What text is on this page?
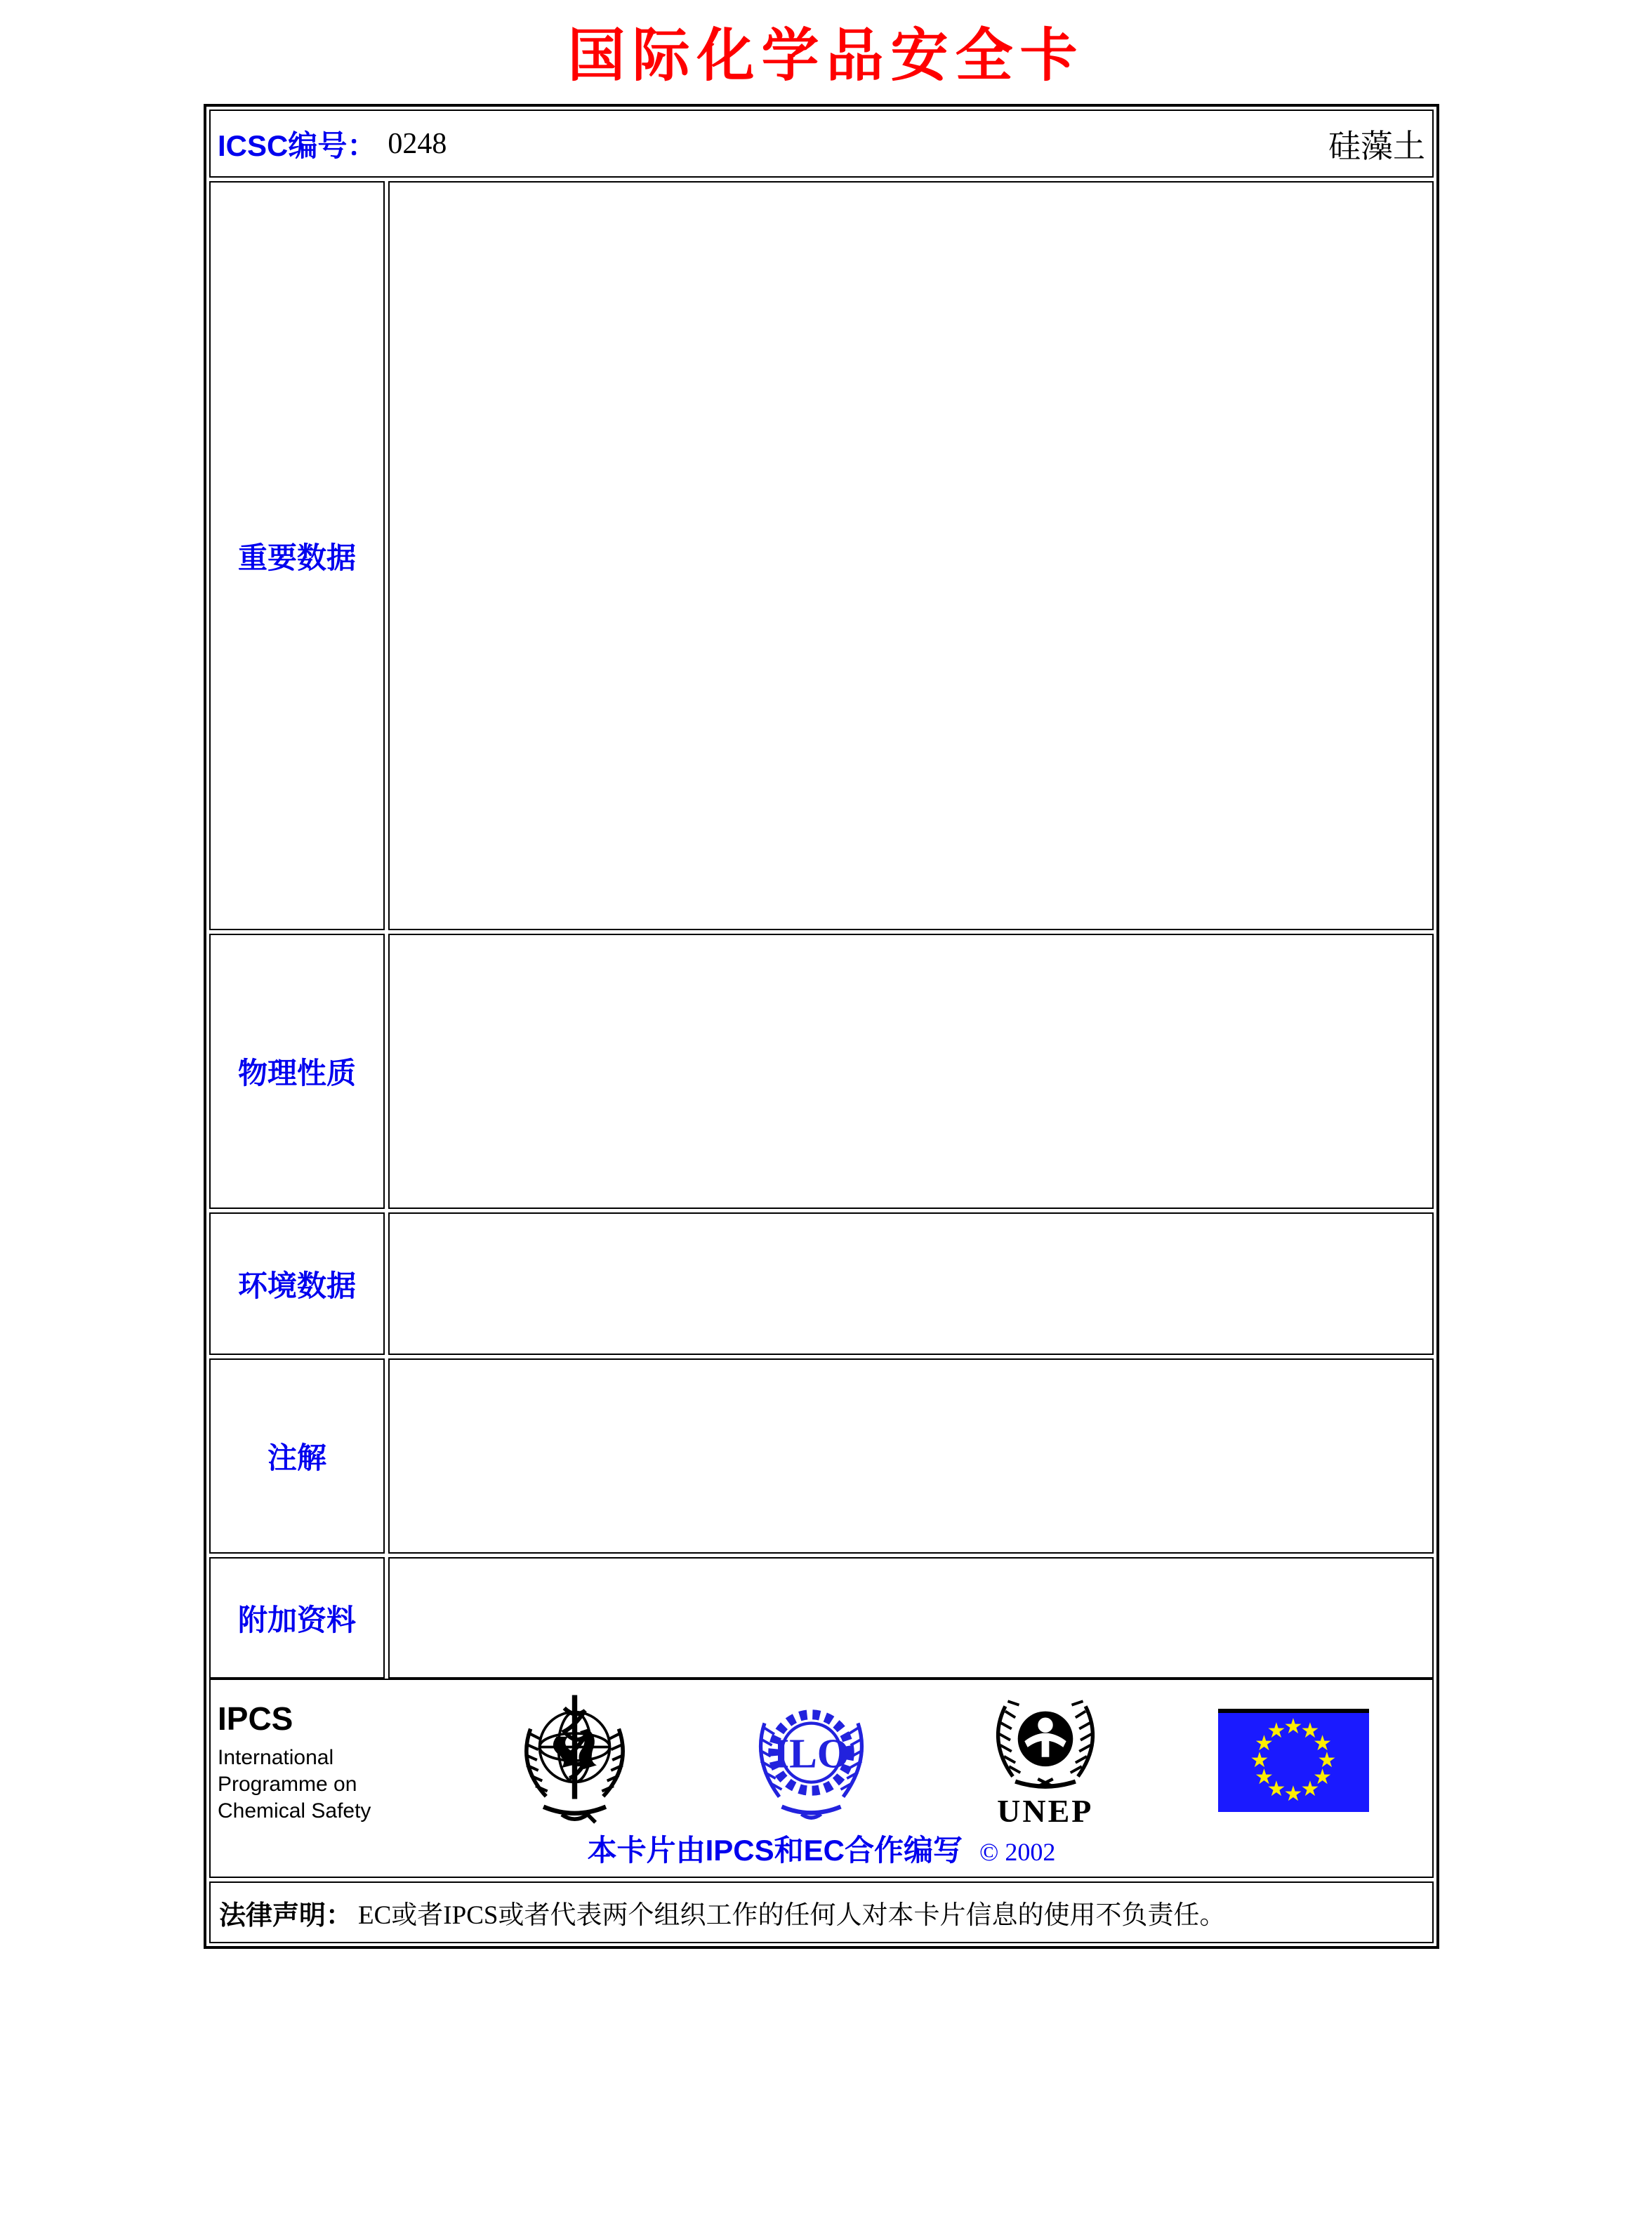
国际化学品安全卡
ICSC编号： 0248	硅藻土
重要数据
物理性质
环境数据
注解
附加资料
IPCS
International
Programme on
Chemical Safety
ILO
UNEP
★
★
★
★
★
★
★
★
★
★
★
★
本卡片由IPCS和EC合作编写 © 2002
法律声明： EC或者IPCS或者代表两个组织工作的任何人对本卡片信息的使用不负责任。
